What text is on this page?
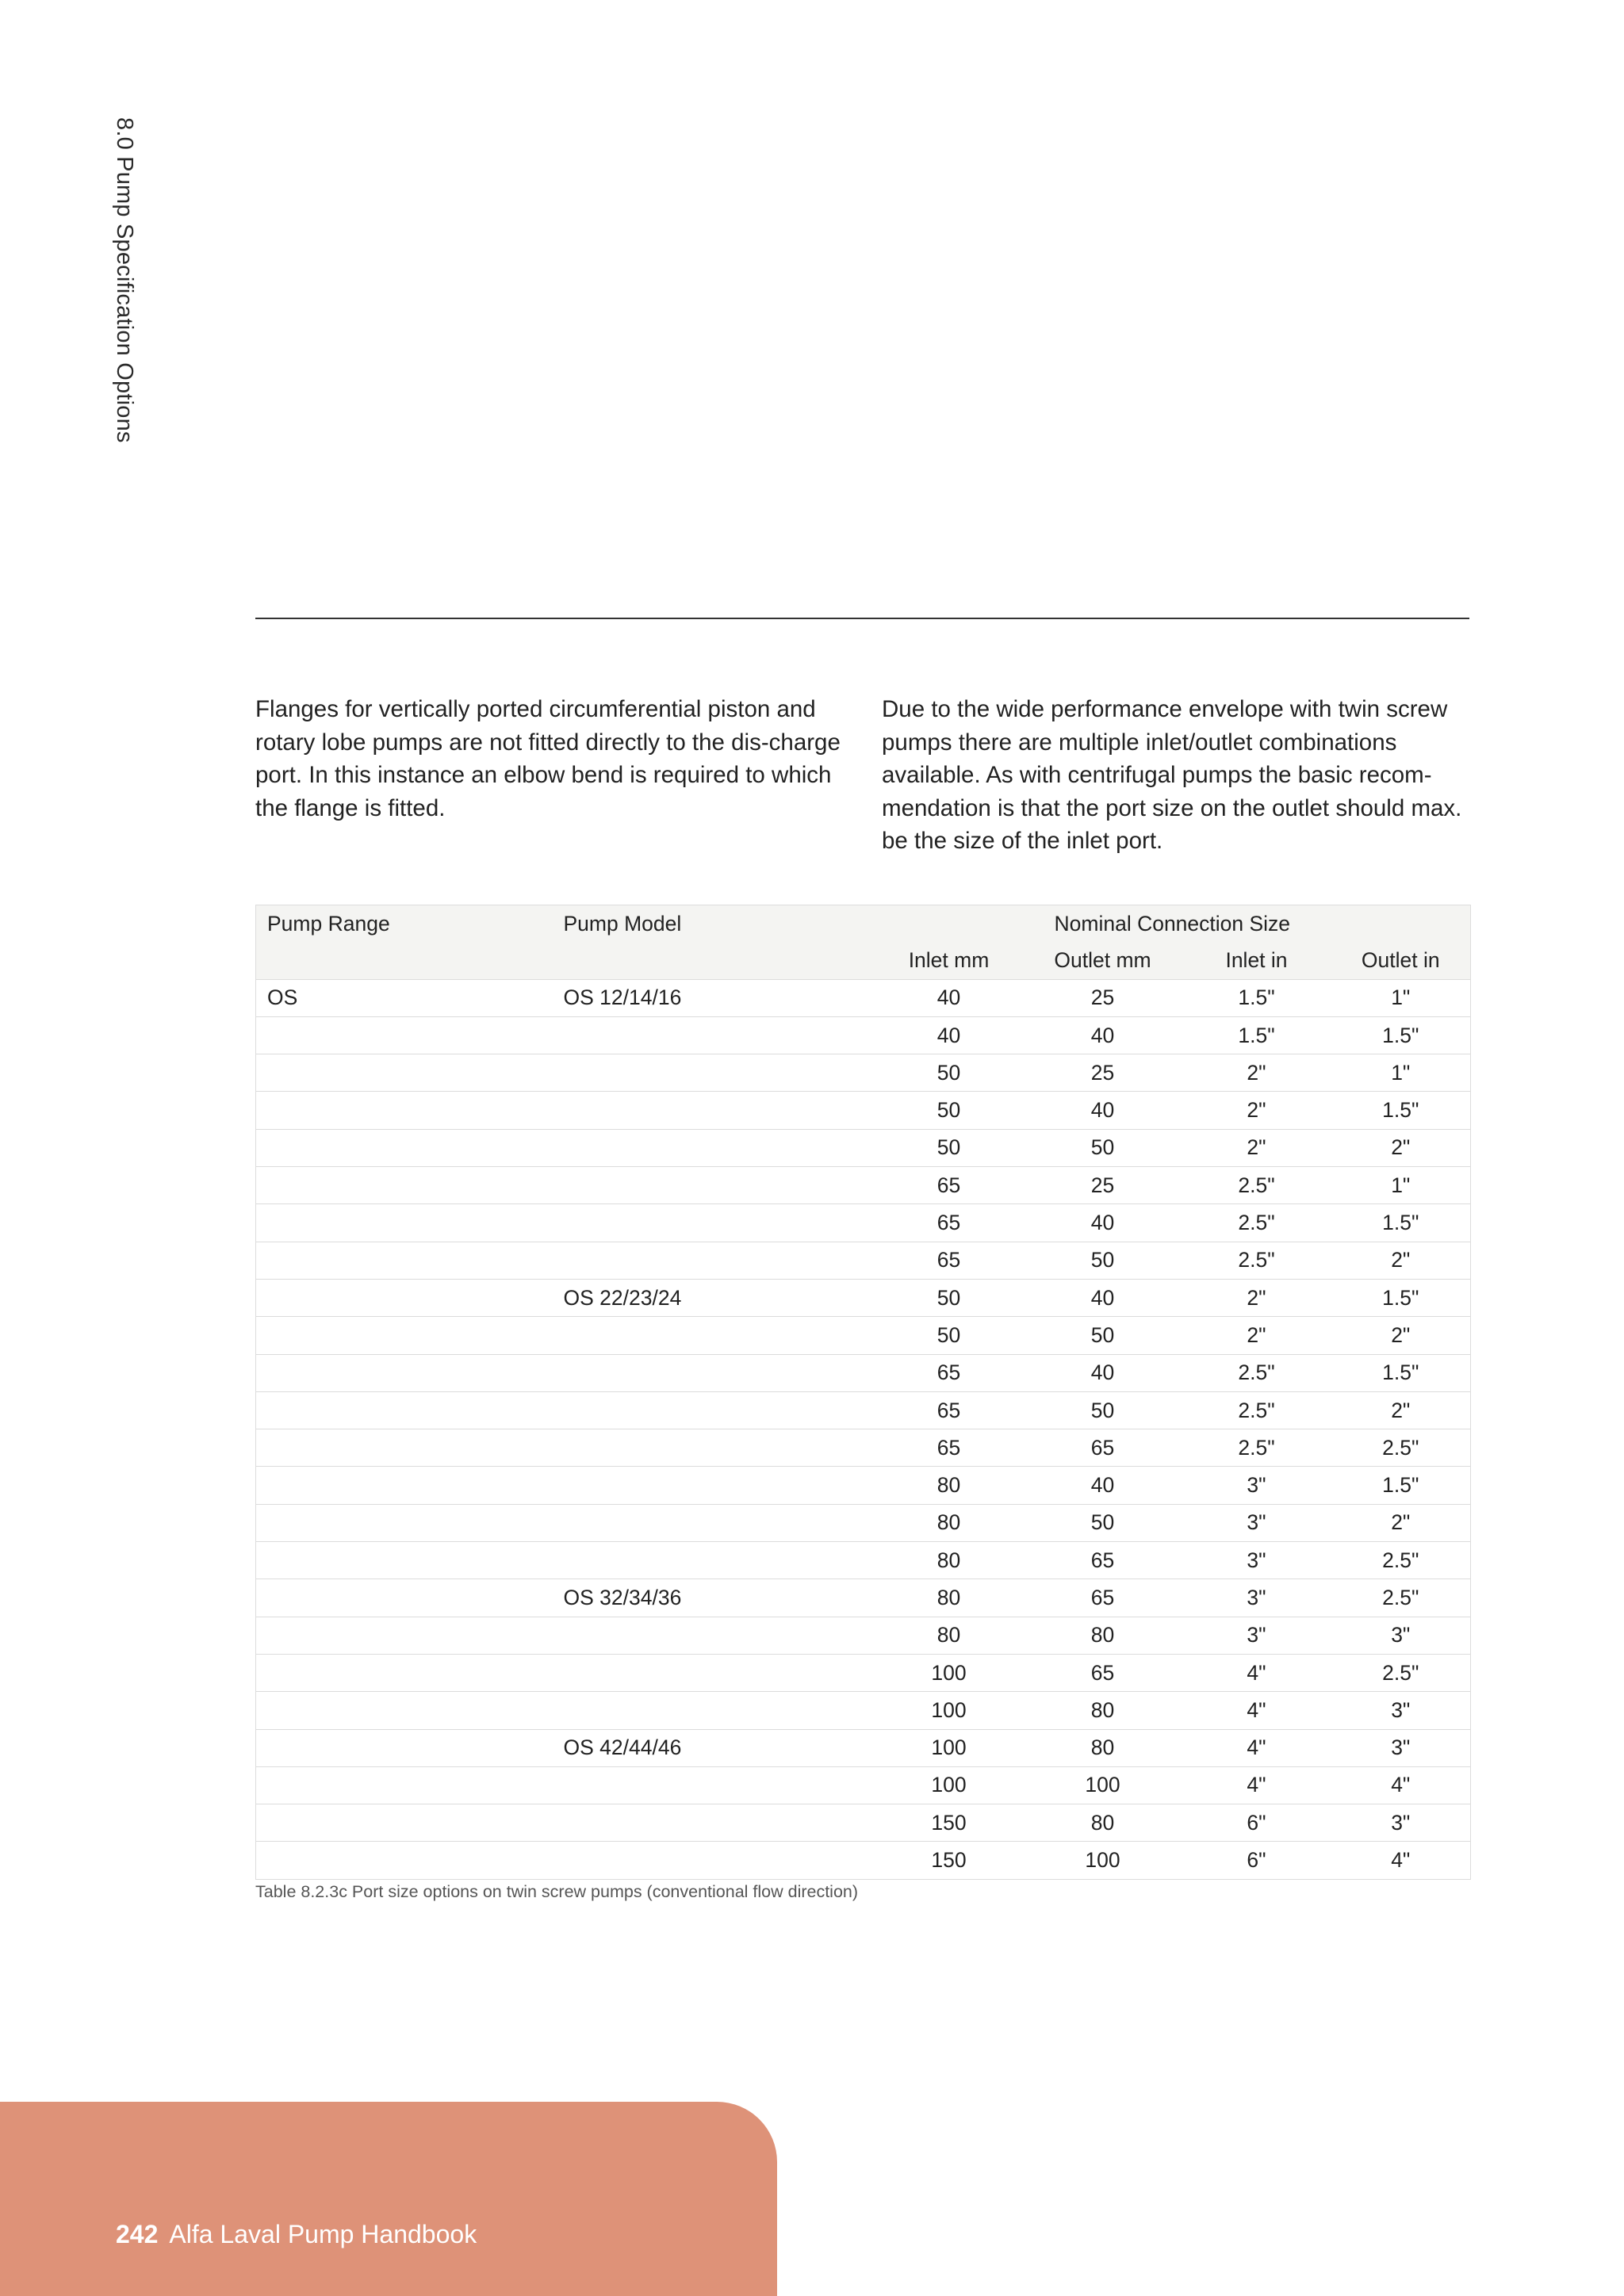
8.0 Pump Specification Options
Flanges for vertically ported circumferential piston and rotary lobe pumps are not fitted directly to the dis-charge port. In this instance an elbow bend is required to which the flange is fitted.
Due to the wide performance envelope with twin screw pumps there are multiple inlet/outlet combinations available. As with centrifugal pumps the basic recom-mendation is that the port size on the outlet should max. be the size of the inlet port.
Pump Range	Pump Model	Nominal Connection Size			
		Inlet mm	Outlet mm	Inlet in	Outlet in
OS	OS 12/14/16	40	25	1.5"	1"
		40	40	1.5"	1.5"
		50	25	2"	1"
		50	40	2"	1.5"
		50	50	2"	2"
		65	25	2.5"	1"
		65	40	2.5"	1.5"
		65	50	2.5"	2"
	OS 22/23/24	50	40	2"	1.5"
		50	50	2"	2"
		65	40	2.5"	1.5"
		65	50	2.5"	2"
		65	65	2.5"	2.5"
		80	40	3"	1.5"
		80	50	3"	2"
		80	65	3"	2.5"
	OS 32/34/36	80	65	3"	2.5"
		80	80	3"	3"
		100	65	4"	2.5"
		100	80	4"	3"
	OS 42/44/46	100	80	4"	3"
		100	100	4"	4"
		150	80	6"	3"
		150	100	6"	4"
Table 8.2.3c Port size options on twin screw pumps (conventional flow direction)
242 Alfa Laval Pump Handbook
